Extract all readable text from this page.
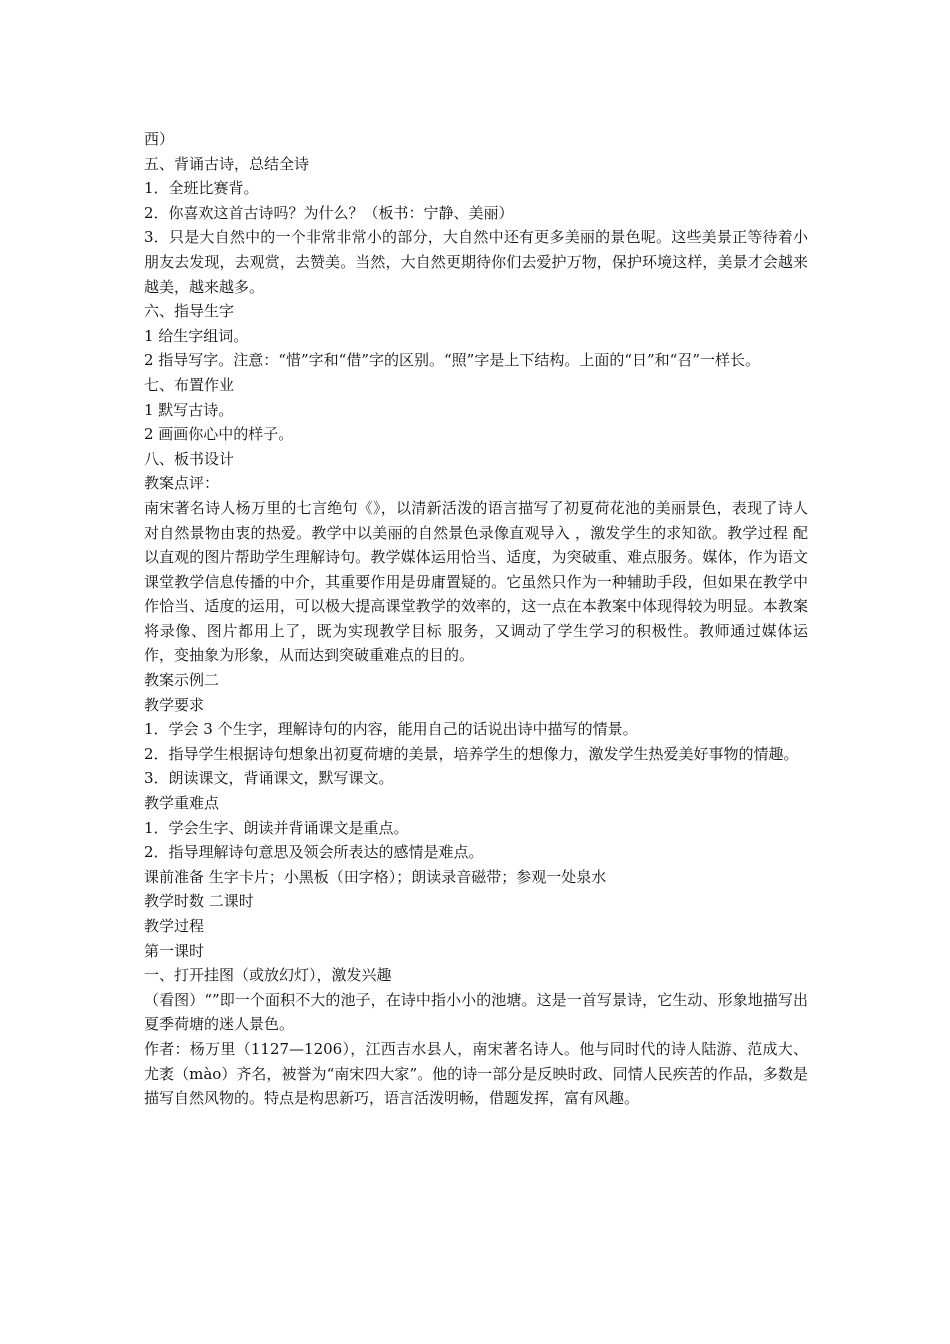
西）

五、背诵古诗，总结全诗

1．全班比赛背。

2．你喜欢这首古诗吗？为什么？（板书：宁静、美丽）

3．只是大自然中的一个非常非常小的部分，大自然中还有更多美丽的景色呢。这些美景正等待着小朋友去发现，去观赏，去赞美。当然，大自然更期待你们去爱护万物，保护环境这样，美景才会越来越美，越来越多。

六、指导生字

1 给生字组词。

2 指导写字。注意：“惜”字和“借”字的区别。“照”字是上下结构。上面的“日”和“召”一样长。

七、布置作业

1 默写古诗。

2 画画你心中的样子。

八、板书设计

教案点评：

南宋著名诗人杨万里的七言绝句《》，以清新活泼的语言描写了初夏荷花池的美丽景色，表现了诗人对自然景物由衷的热爱。教学中以美丽的自然景色录像直观导入 ，激发学生的求知欲。教学过程 配以直观的图片帮助学生理解诗句。教学媒体运用恰当、适度，为突破重、难点服务。媒体，作为语文课堂教学信息传播的中介，其重要作用是毋庸置疑的。它虽然只作为一种辅助手段，但如果在教学中作恰当、适度的运用，可以极大提高课堂教学的效率的，这一点在本教案中体现得较为明显。本教案将录像、图片都用上了，既为实现教学目标 服务，又调动了学生学习的积极性。教师通过媒体运作，变抽象为形象，从而达到突破重难点的目的。

教案示例二

教学要求

1．学会 3 个生字，理解诗句的内容，能用自己的话说出诗中描写的情景。

2．指导学生根据诗句想象出初夏荷塘的美景，培养学生的想像力，激发学生热爱美好事物的情趣。

3．朗读课文，背诵课文，默写课文。

教学重难点

1．学会生字、朗读并背诵课文是重点。

2．指导理解诗句意思及领会所表达的感情是难点。

课前准备 生字卡片；小黑板（田字格）；朗读录音磁带；参观一处泉水

教学时数 二课时

教学过程

第一课时

一、打开挂图（或放幻灯），激发兴趣

（看图）“”即一个面积不大的池子，在诗中指小小的池塘。这是一首写景诗，它生动、形象地描写出夏季荷塘的迷人景色。

作者：杨万里（1127—1206），江西吉水县人，南宋著名诗人。他与同时代的诗人陆游、范成大、尤袤（mào）齐名，被誉为“南宋四大家”。他的诗一部分是反映时政、同情人民疾苦的作品，多数是描写自然风物的。特点是构思新巧，语言活泼明畅，借题发挥，富有风趣。
